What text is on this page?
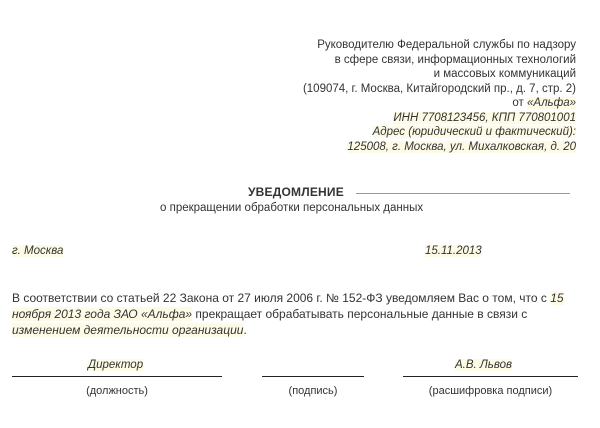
Руководителю Федеральной службы по надзору
в сфере связи, информационных технологий
и массовых коммуникаций
(109074, г. Москва, Китайгородский пр., д. 7, стр. 2)
от «Альфа»
ИНН 7708123456, КПП 770801001
Адрес (юридический и фактический):
125008, г. Москва, ул. Михалковская, д. 20
УВЕДОМЛЕНИЕ
о прекращении обработки персональных данных
г. Москва	15.11.2013
В соответствии со статьей 22 Закона от 27 июля 2006 г. № 152-ФЗ уведомляем Вас о том, что с 15 ноября 2013 года ЗАО «Альфа» прекращает обрабатывать персональные данные в связи с изменением деятельности организации.
Директор
(должность)	(подпись)
А.В. Львов
(расшифровка подписи)
